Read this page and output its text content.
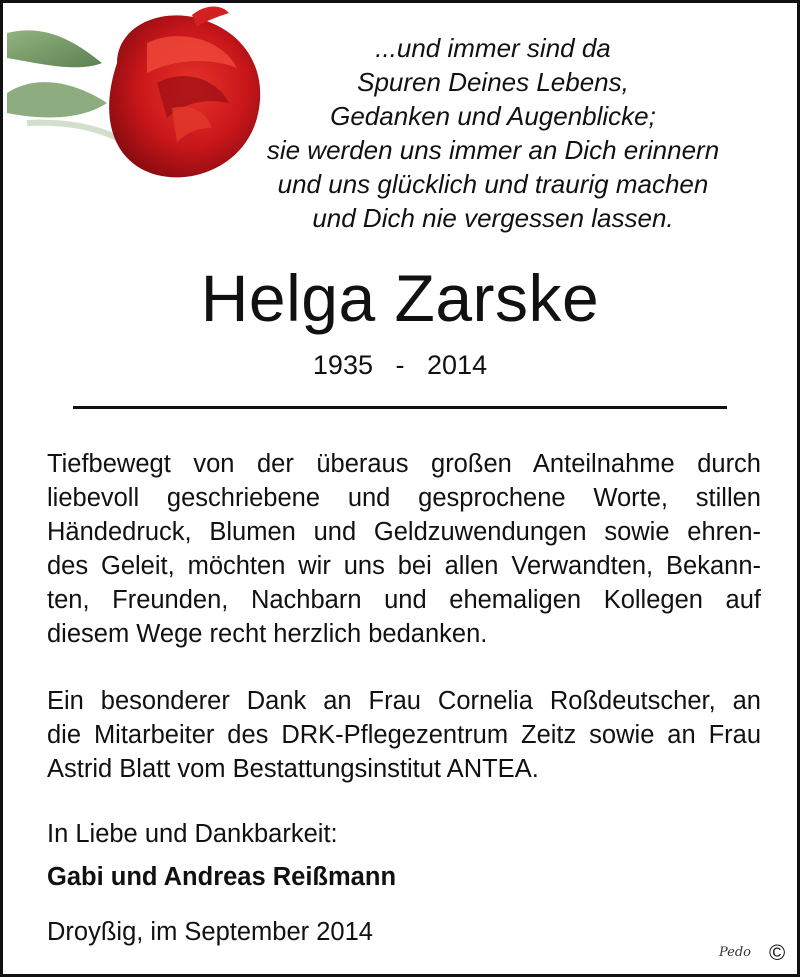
...und immer sind da
Spuren Deines Lebens,
Gedanken und Augenblicke;
sie werden uns immer an Dich erinnern
und uns glücklich und traurig machen
und Dich nie vergessen lassen.
Helga Zarske
1935 - 2014
Tiefbewegt von der überaus großen Anteilnahme durch
liebevoll geschriebene und gesprochene Worte, stillen
Händedruck, Blumen und Geldzuwendungen sowie ehren-
des Geleit, möchten wir uns bei allen Verwandten, Bekann-
ten, Freunden, Nachbarn und ehemaligen Kollegen auf
diesem Wege recht herzlich bedanken.
Ein besonderer Dank an Frau Cornelia Roßdeutscher, an
die Mitarbeiter des DRK-Pflegezentrum Zeitz sowie an Frau
Astrid Blatt vom Bestattungsinstitut ANTEA.
In Liebe und Dankbarkeit:
Gabi und Andreas Reißmann
Droyßig, im September 2014
Pedo ©
